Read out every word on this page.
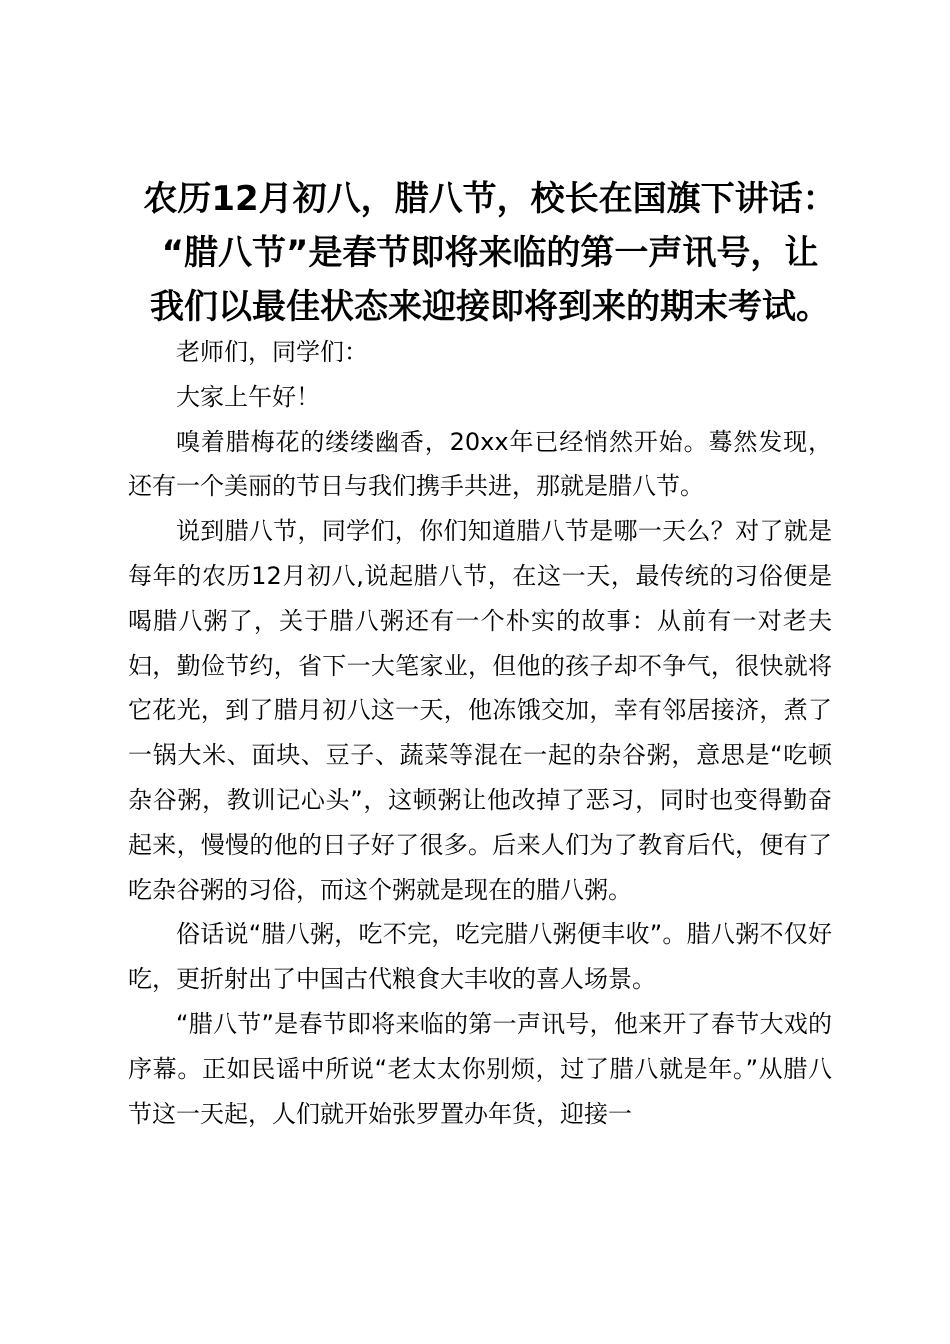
农历12月初八，腊八节，校长在国旗下讲话：
“腊八节”是春节即将来临的第一声讯号，让
我们以最佳状态来迎接即将到来的期末考试。

老师们，同学们：

大家上午好！

嗅着腊梅花的缕缕幽香，20xx年已经悄然开始。蓦然发现，还有一个美丽的节日与我们携手共进，那就是腊八节。

说到腊八节，同学们，你们知道腊八节是哪一天么？对了就是每年的农历12月初八,说起腊八节，在这一天，最传统的习俗便是喝腊八粥了，关于腊八粥还有一个朴实的故事：从前有一对老夫妇，勤俭节约，省下一大笔家业，但他的孩子却不争气，很快就将它花光，到了腊月初八这一天，他冻饿交加，幸有邻居接济，煮了一锅大米、面块、豆子、蔬菜等混在一起的杂谷粥，意思是“吃顿杂谷粥，教训记心头”，这顿粥让他改掉了恶习，同时也变得勤奋起来，慢慢的他的日子好了很多。后来人们为了教育后代，便有了吃杂谷粥的习俗，而这个粥就是现在的腊八粥。

俗话说“腊八粥，吃不完，吃完腊八粥便丰收”。腊八粥不仅好吃，更折射出了中国古代粮食大丰收的喜人场景。

“腊八节”是春节即将来临的第一声讯号，他来开了春节大戏的序幕。正如民谣中所说“老太太你别烦，过了腊八就是年。”从腊八节这一天起，人们就开始张罗置办年货，迎接一
